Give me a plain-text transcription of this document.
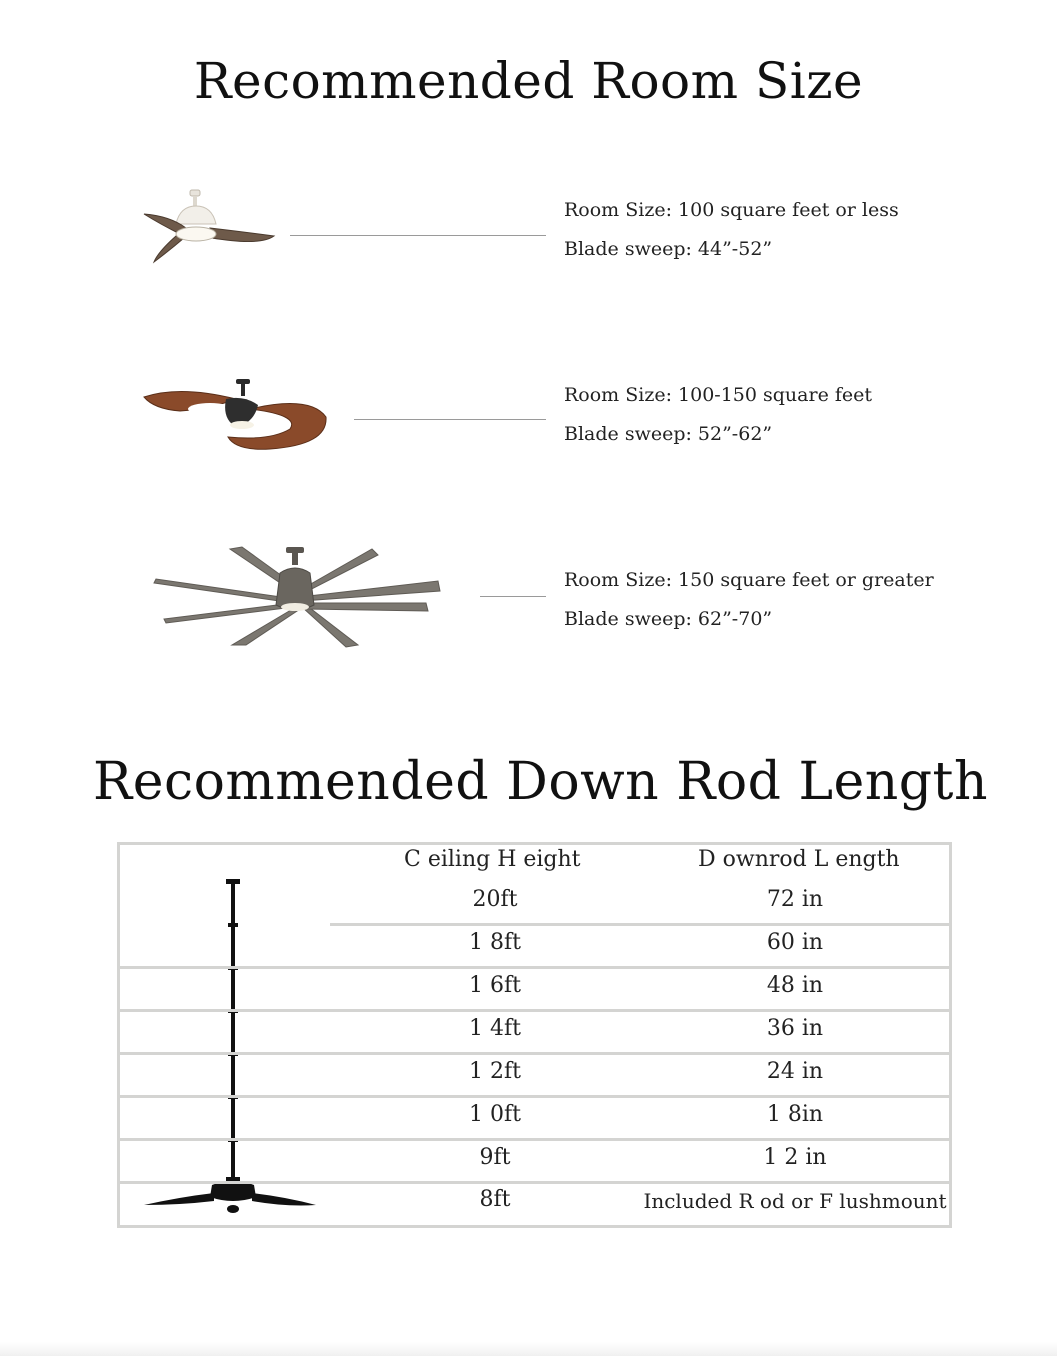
Recommended Room Size
Room Size: 100 square feet or less
Blade sweep: 44”-52”
Room Size: 100-150 square feet
Blade sweep: 52”-62”
Room Size: 150 square feet or greater
Blade sweep: 62”-70”
Recommended Down Rod Length
C eiling H eight	D ownrod L ength
20ft	72 in
1 8ft	60 in
1 6ft	48 in
1 4ft	36 in
1 2ft	24 in
1 0ft	1 8in
9ft	1 2 in
8ft	Included R od or F lushmount
